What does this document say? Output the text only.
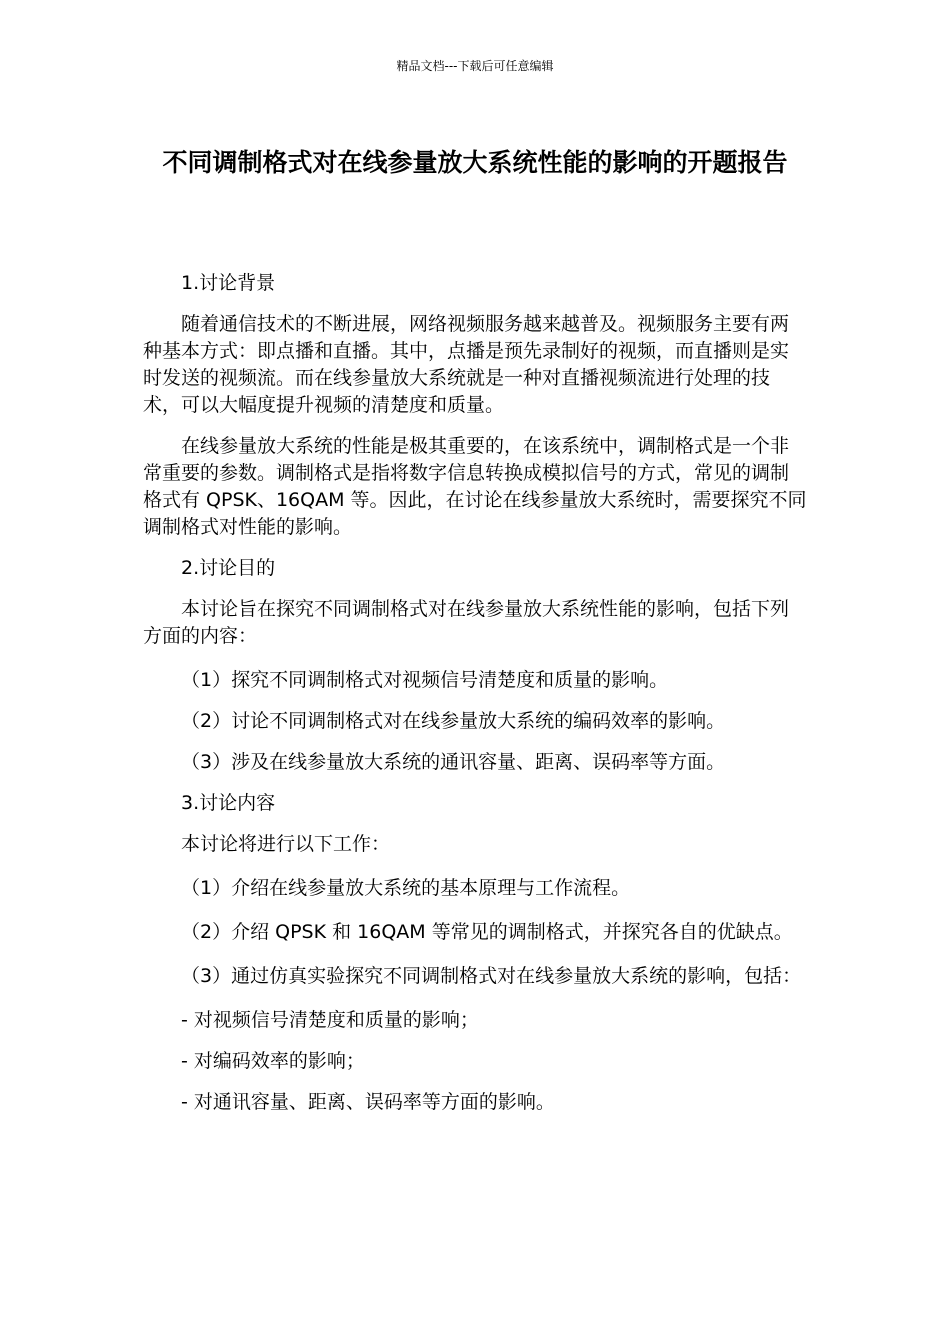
精品文档---下载后可任意编辑
不同调制格式对在线参量放大系统性能的影响的开题报告

1.讨论背景

随着通信技术的不断进展，网络视频服务越来越普及。视频服务主要有两种基本方式：即点播和直播。其中，点播是预先录制好的视频，而直播则是实时发送的视频流。而在线参量放大系统就是一种对直播视频流进行处理的技术，可以大幅度提升视频的清楚度和质量。

在线参量放大系统的性能是极其重要的，在该系统中，调制格式是一个非常重要的参数。调制格式是指将数字信息转换成模拟信号的方式，常见的调制格式有 QPSK、16QAM 等。因此，在讨论在线参量放大系统时，需要探究不同调制格式对性能的影响。

2.讨论目的

本讨论旨在探究不同调制格式对在线参量放大系统性能的影响，包括下列方面的内容：

（1）探究不同调制格式对视频信号清楚度和质量的影响。

（2）讨论不同调制格式对在线参量放大系统的编码效率的影响。

（3）涉及在线参量放大系统的通讯容量、距离、误码率等方面。

3.讨论内容

本讨论将进行以下工作：

（1）介绍在线参量放大系统的基本原理与工作流程。

（2）介绍 QPSK 和 16QAM 等常见的调制格式，并探究各自的优缺点。

（3）通过仿真实验探究不同调制格式对在线参量放大系统的影响，包括：

- 对视频信号清楚度和质量的影响；

- 对编码效率的影响；

- 对通讯容量、距离、误码率等方面的影响。
